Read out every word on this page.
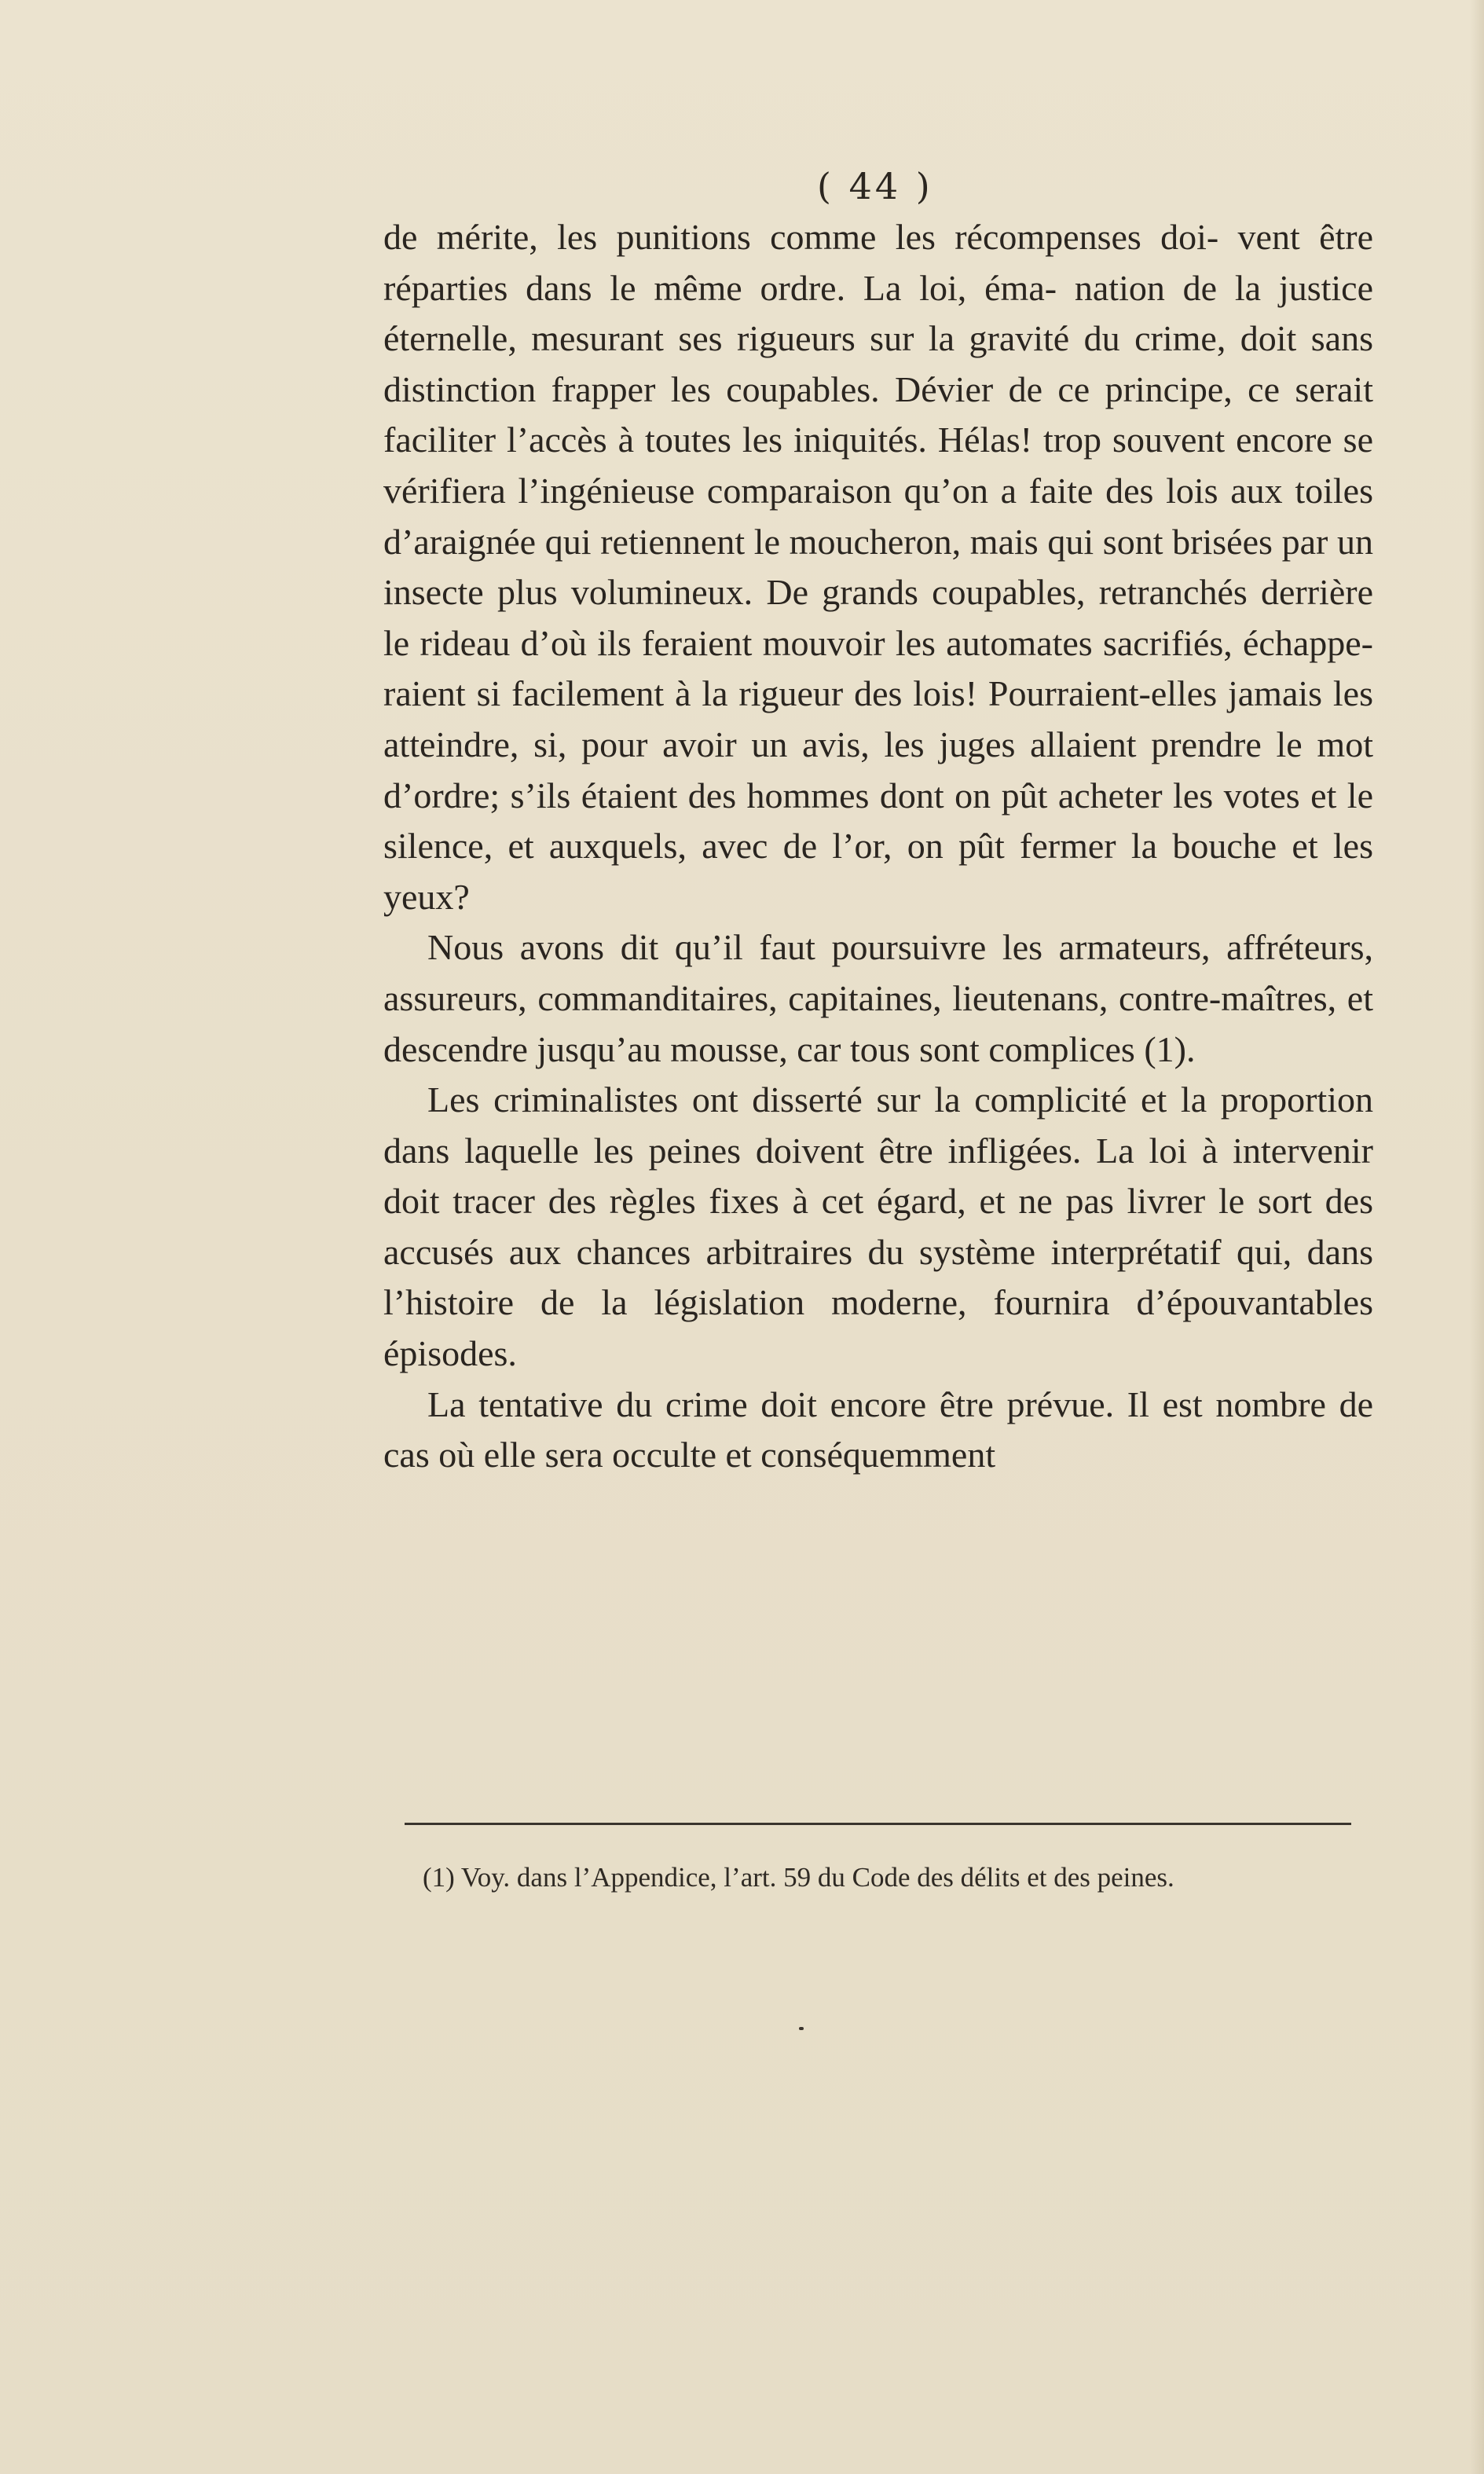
( 44 )

de mérite, les punitions comme les récompenses doi- vent être réparties dans le même ordre. La loi, éma- nation de la justice éternelle, mesurant ses rigueurs sur la gravité du crime, doit sans distinction frapper les coupables. Dévier de ce principe, ce serait faciliter l’accès à toutes les iniquités. Hélas! trop souvent encore se vérifiera l’ingénieuse comparaison qu’on a faite des lois aux toiles d’araignée qui retiennent le moucheron, mais qui sont brisées par un insecte plus volumineux. De grands coupables, retranchés derrière le rideau d’où ils feraient mouvoir les automates sacrifiés, échappe- raient si facilement à la rigueur des lois! Pourraient-elles jamais les atteindre, si, pour avoir un avis, les juges allaient prendre le mot d’ordre; s’ils étaient des hommes dont on pût acheter les votes et le silence, et auxquels, avec de l’or, on pût fermer la bouche et les yeux?

Nous avons dit qu’il faut poursuivre les armateurs, affréteurs, assureurs, commanditaires, capitaines, lieutenans, contre-maîtres, et descendre jusqu’au mousse, car tous sont complices (1).

Les criminalistes ont disserté sur la complicité et la proportion dans laquelle les peines doivent être infligées. La loi à intervenir doit tracer des règles fixes à cet égard, et ne pas livrer le sort des accusés aux chances arbitraires du système interprétatif qui, dans l’histoire de la législation moderne, fournira d’épouvantables épisodes.

La tentative du crime doit encore être prévue. Il est nombre de cas où elle sera occulte et conséquemment

(1) Voy. dans l’Appendice, l’art. 59 du Code des délits et des peines.
